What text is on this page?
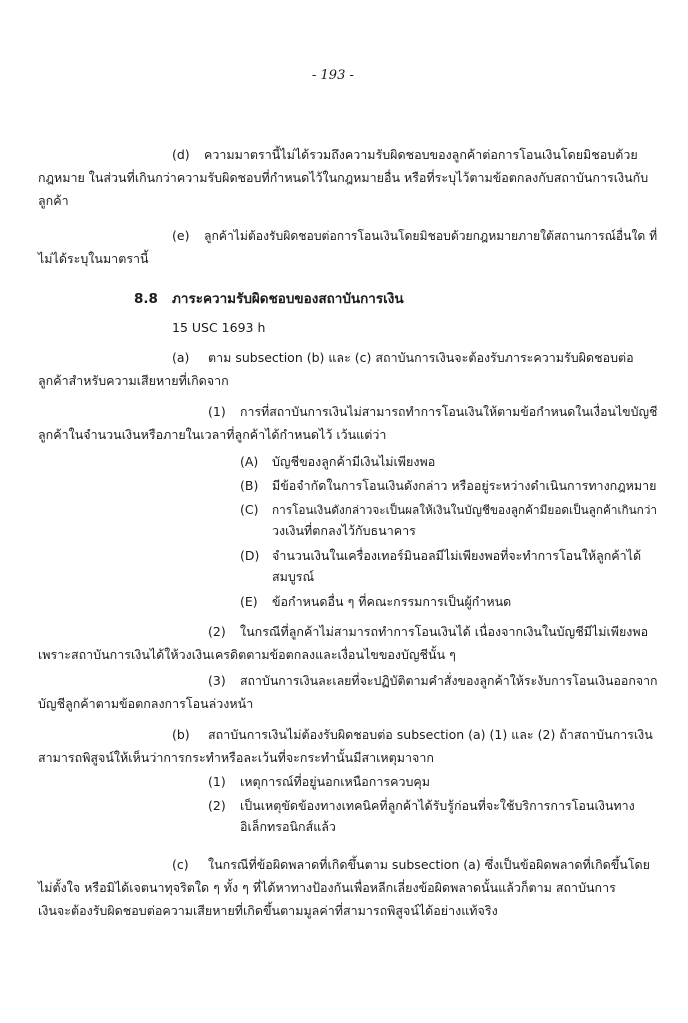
- 193 -
(d) ความมาตรานี้ไม่ได้รวมถึงความรับผิดชอบของลูกค้าต่อการโอนเงินโดยมิชอบด้วย
กฎหมาย ในส่วนที่เกินกว่าความรับผิดชอบที่กำหนดไว้ในกฎหมายอื่น หรือที่ระบุไว้ตามข้อตกลงกับสถาบันการเงินกับ
ลูกค้า
(e) ลูกค้าไม่ต้องรับผิดชอบต่อการโอนเงินโดยมิชอบด้วยกฎหมายภายใต้สถานการณ์อื่นใด ที่
ไม่ได้ระบุในมาตรานี้
8.8 ภาระความรับผิดชอบของสถาบันการเงิน
15 USC 1693 h
(a) ตาม subsection (b) และ (c) สถาบันการเงินจะต้องรับภาระความรับผิดชอบต่อ
ลูกค้าสำหรับความเสียหายที่เกิดจาก
(1) การที่สถาบันการเงินไม่สามารถทำการโอนเงินให้ตามข้อกำหนดในเงื่อนไขบัญชี
ลูกค้าในจำนวนเงินหรือภายในเวลาที่ลูกค้าได้กำหนดไว้ เว้นแต่ว่า
(A) บัญชีของลูกค้ามีเงินไม่เพียงพอ
(B) มีข้อจำกัดในการโอนเงินดังกล่าว หรืออยู่ระหว่างดำเนินการทางกฎหมาย
(C) การโอนเงินดังกล่าวจะเป็นผลให้เงินในบัญชีของลูกค้ามียอดเป็นลูกค้าเกินกว่า
วงเงินที่ตกลงไว้กับธนาคาร
(D) จำนวนเงินในเครื่องเทอร์มินอลมีไม่เพียงพอที่จะทำการโอนให้ลูกค้าได้
สมบูรณ์
(E) ข้อกำหนดอื่น ๆ ที่คณะกรรมการเป็นผู้กำหนด
(2) ในกรณีที่ลูกค้าไม่สามารถทำการโอนเงินได้ เนื่องจากเงินในบัญชีมีไม่เพียงพอ
เพราะสถาบันการเงินได้ให้วงเงินเครดิตตามข้อตกลงและเงื่อนไขของบัญชีนั้น ๆ
(3) สถาบันการเงินละเลยที่จะปฏิบัติตามคำสั่งของลูกค้าให้ระงับการโอนเงินออกจาก
บัญชีลูกค้าตามข้อตกลงการโอนล่วงหน้า
(b) สถาบันการเงินไม่ต้องรับผิดชอบต่อ subsection (a) (1) และ (2) ถ้าสถาบันการเงิน
สามารถพิสูจน์ให้เห็นว่าการกระทำหรือละเว้นที่จะกระทำนั้นมีสาเหตุมาจาก
(1) เหตุการณ์ที่อยู่นอกเหนือการควบคุม
(2) เป็นเหตุขัดข้องทางเทคนิคที่ลูกค้าได้รับรู้ก่อนที่จะใช้บริการการโอนเงินทาง
อิเล็กทรอนิกส์แล้ว
(c) ในกรณีที่ข้อผิดพลาดที่เกิดขึ้นตาม subsection (a) ซึ่งเป็นข้อผิดพลาดที่เกิดขึ้นโดย
ไม่ตั้งใจ หรือมิได้เจตนาทุจริตใด ๆ ทั้ง ๆ ที่ได้หาทางป้องกันเพื่อหลีกเลี่ยงข้อผิดพลาดนั้นแล้วก็ตาม สถาบันการ
เงินจะต้องรับผิดชอบต่อความเสียหายที่เกิดขึ้นตามมูลค่าที่สามารถพิสูจน์ได้อย่างแท้จริง
